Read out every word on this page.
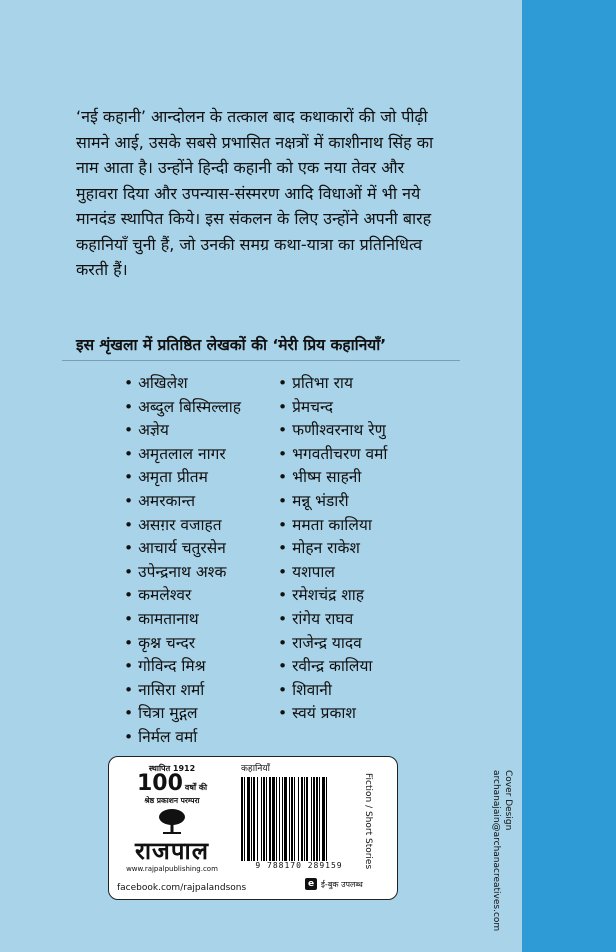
‘नई कहानी’ आन्दोलन के तत्काल बाद कथाकारों की जो पीढ़ी
सामने आई, उसके सबसे प्रभासित नक्षत्रों में काशीनाथ सिंह का
नाम आता है। उन्होंने हिन्दी कहानी को एक नया तेवर और
मुहावरा दिया और उपन्यास-संस्मरण आदि विधाओं में भी नये
मानदंड स्थापित किये। इस संकलन के लिए उन्होंने अपनी बारह
कहानियाँ चुनी हैं, जो उनकी समग्र कथा-यात्रा का प्रतिनिधित्व
करती हैं।
इस शृंखला में प्रतिष्ठित लेखकों की ‘मेरी प्रिय कहानियाँ’
• अखिलेश
• अब्दुल बिस्मिल्लाह
• अज्ञेय
• अमृतलाल नागर
• अमृता प्रीतम
• अमरकान्त
• असग़र वजाहत
• आचार्य चतुरसेन
• उपेन्द्रनाथ अश्क
• कमलेश्वर
• कामतानाथ
• कृश्न चन्दर
• गोविन्द मिश्र
• नासिरा शर्मा
• चित्रा मुद्गल
• निर्मल वर्मा
• प्रतिभा राय
• प्रेमचन्द
• फणीश्वरनाथ रेणु
• भगवतीचरण वर्मा
• भीष्म साहनी
• मन्नू भंडारी
• ममता कालिया
• मोहन राकेश
• यशपाल
• रमेशचंद्र शाह
• रांगेय राघव
• राजेन्द्र यादव
• रवीन्द्र कालिया
• शिवानी
• स्वयं प्रकाश
स्थापित 1912
100 वर्षों की
श्रेष्ठ प्रकाशन परम्परा
राजपाल
www.rajpalpublishing.com
कहानियाँ
9 788170 289159	Fiction / Short Stories
e ई-बुक उपलब्ध
facebook.com/rajpalandsons
Cover Design
archanajain@archanacreatives.com
